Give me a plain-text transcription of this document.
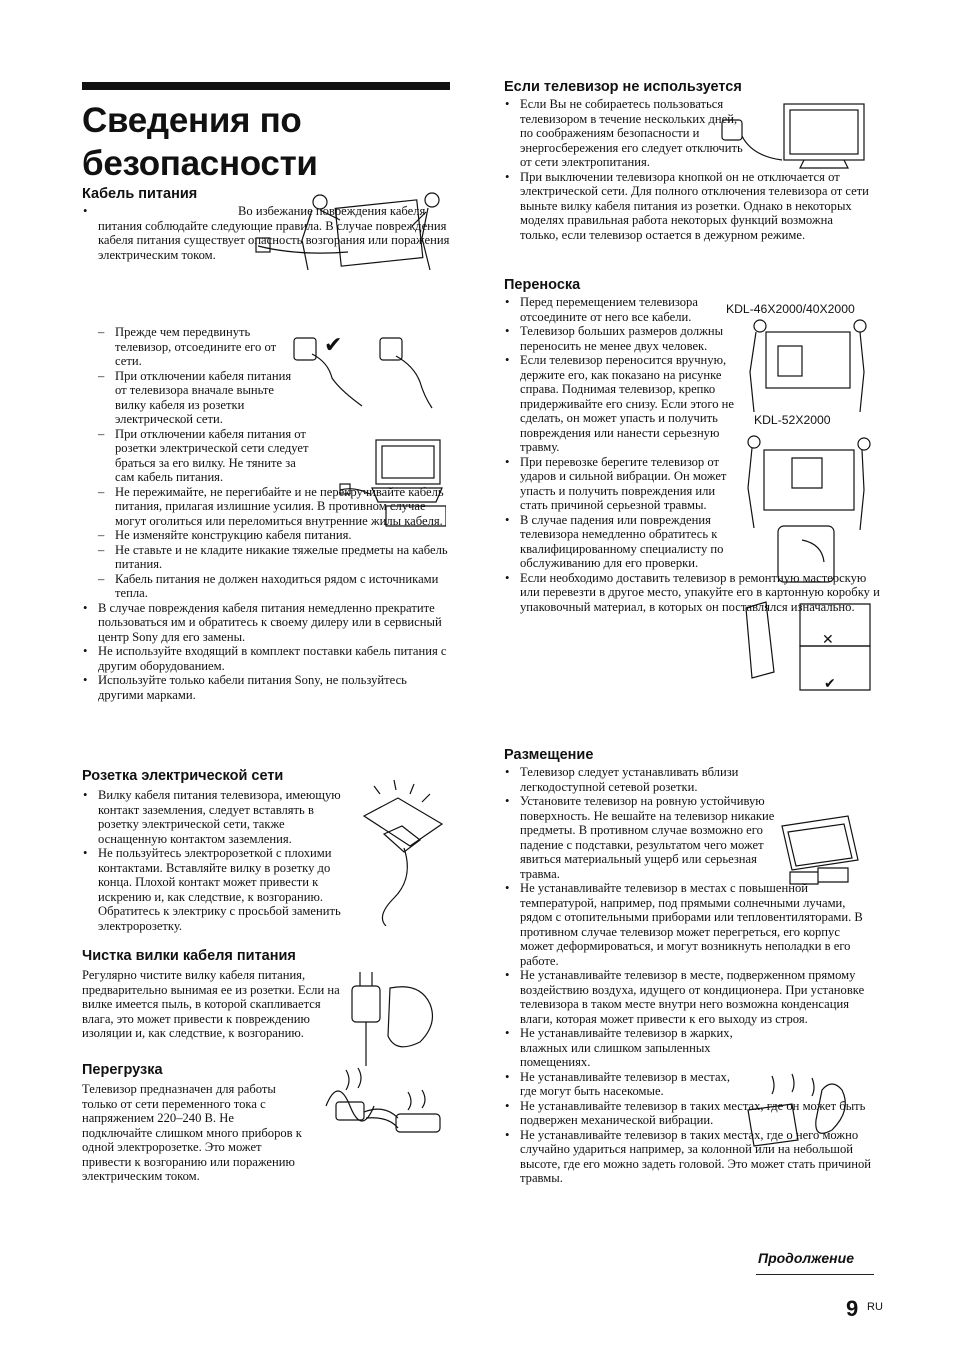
Сведения по
безопасности
Кабель питания
• Во избежание повреждения кабеля питания соблюдайте следующие правила. В случае повреждения кабеля питания существует опасность возгорания или поражения электрическим током.
– Прежде чем передвинуть телевизор, отсоедините его от сети.
– При отключении кабеля питания от телевизора вначале выньте вилку кабеля из розетки электрической сети.
– При отключении кабеля питания от розетки электрической сети следует браться за его вилку. Не тяните за сам кабель питания.
– Не пережимайте, не перегибайте и не перекручивайте кабель питания, прилагая излишние усилия. В противном случае могут оголиться или переломиться внутренние жилы кабеля.
– Не изменяйте конструкцию кабеля питания.
– Не ставьте и не кладите никакие тяжелые предметы на кабель питания.
– Кабель питания не должен находиться рядом с источниками тепла.
• В случае повреждения кабеля питания немедленно прекратите пользоваться им и обратитесь к своему дилеру или в сервисный центр Sony для его замены.
• Не используйте входящий в комплект поставки кабель питания с другим оборудованием.
• Используйте только кабели питания Sony, не пользуйтесь другими марками.
Розетка электрической сети
• Вилку кабеля питания телевизора, имеющую контакт заземления, следует вставлять в розетку электрической сети, также оснащенную контактом заземления.
• Не пользуйтесь электророзеткой с плохими контактами. Вставляйте вилку в розетку до конца. Плохой контакт может привести к искрению и, как следствие, к возгоранию. Обратитесь к электрику с просьбой заменить электророзетку.
Чистка вилки кабеля питания

Регулярно чистите вилку кабеля питания, предварительно вынимая ее из розетки. Если на вилке имеется пыль, в которой скапливается влага, это может привести к повреждению изоляции и, как следствие, к возгоранию.

Перегрузка

Телевизор предназначен для работы только от сети переменного тока с напряжением 220–240 В. Не подключайте слишком много приборов к одной электророзетке. Это может привести к возгоранию или поражению электрическим током.

Если телевизор не используется
• Если Вы не собираетесь пользоваться телевизором в течение нескольких дней, по соображениям безопасности и энергосбережения его следует отключить от сети электропитания.
• При выключении телевизора кнопкой он не отключается от электрической сети. Для полного отключения телевизора от сети выньте вилку кабеля питания из розетки. Однако в некоторых моделях правильная работа некоторых функций возможна только, если телевизор остается в дежурном режиме.
Переноска
• Перед перемещением телевизора отсоедините от него все кабели.
• Телевизор больших размеров должны переносить не менее двух человек.
• Если телевизор переносится вручную, держите его, как показано на рисунке справа. Поднимая телевизор, крепко придерживайте его снизу. Если этого не сделать, он может упасть и получить повреждения или нанести серьезную травму.
• При перевозке берегите телевизор от ударов и сильной вибрации. Он может упасть и получить повреждения или стать причиной серьезной травмы.
• В случае падения или повреждения телевизора немедленно обратитесь к квалифицированному специалисту по обслуживанию для его проверки.
• Если необходимо доставить телевизор в ремонтную мастерскую или перевезти в другое место, упакуйте его в картонную коробку и упаковочный материал, в которых он поставлялся изначально.
Размещение
• Телевизор следует устанавливать вблизи легкодоступной сетевой розетки.
• Установите телевизор на ровную устойчивую поверхность. Не вешайте на телевизор никакие предметы. В противном случае возможно его падение с подставки, результатом чего может явиться материальный ущерб или серьезная травма.
• Не устанавливайте телевизор в местах с повышенной температурой, например, под прямыми солнечными лучами, рядом с отопительными приборами или тепловентиляторами. В противном случае телевизор может перегреться, его корпус может деформироваться, и могут возникнуть неполадки в его работе.
• Не устанавливайте телевизор в месте, подверженном прямому воздействию воздуха, идущего от кондиционера. При установке телевизора в таком месте внутри него возможна конденсация влаги, которая может привести к его выходу из строя.
• Не устанавливайте телевизор в жарких, влажных или слишком запыленных помещениях.
• Не устанавливайте телевизор в местах, где могут быть насекомые.
• Не устанавливайте телевизор в таких местах, где он может быть подвержен механической вибрации.
• Не устанавливайте телевизор в таких местах, где о него можно случайно удариться например, за колонной или на небольшой высоте, где его можно задеть головой. Это может стать причиной травмы.
KDL-46X2000/40X2000
KDL-52X2000
✔
✕
✔
Продолжение
9 RU
